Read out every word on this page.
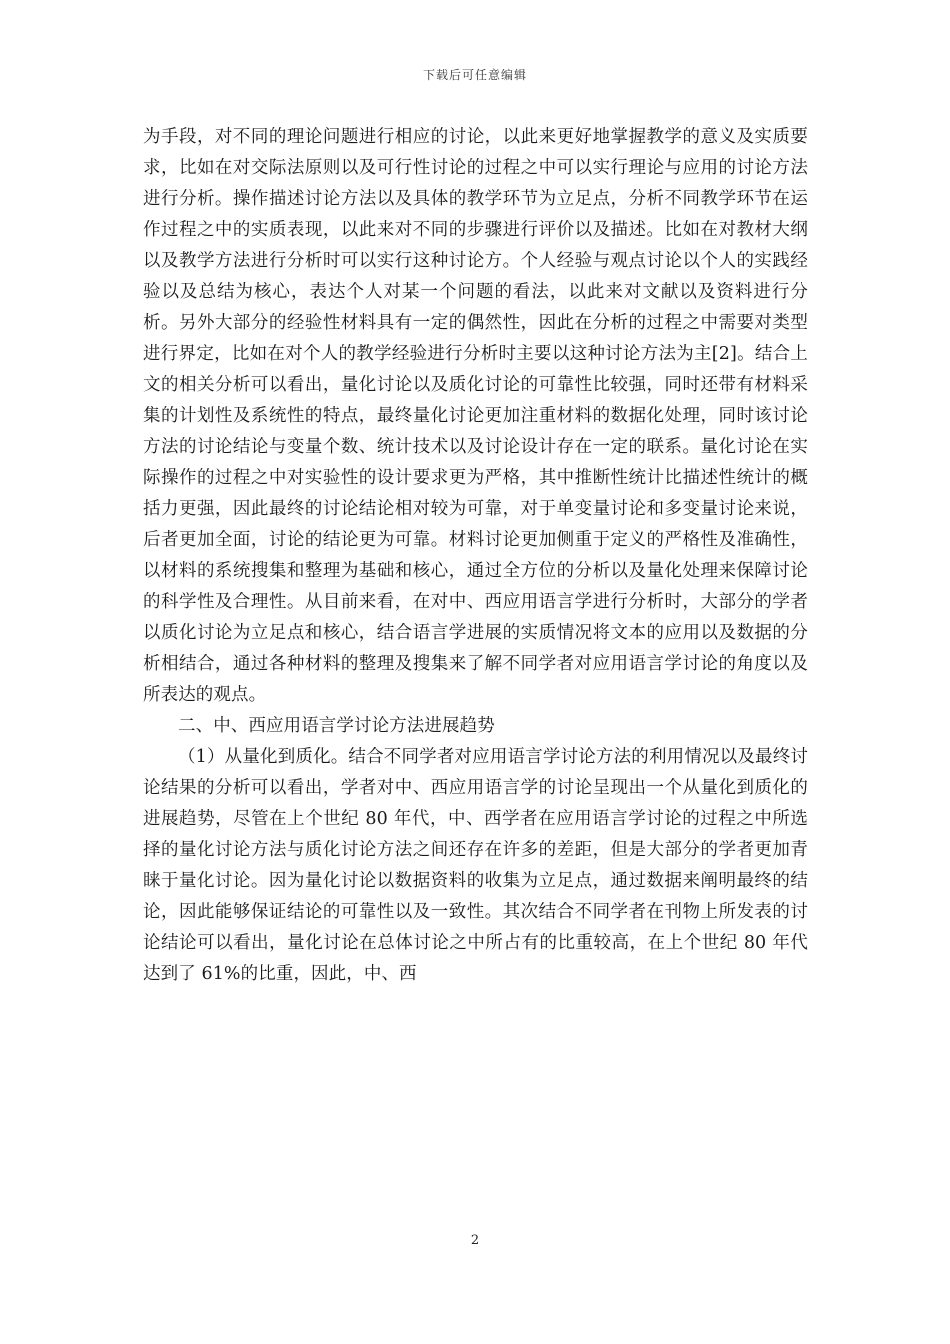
下载后可任意编辑

为手段，对不同的理论问题进行相应的讨论，以此来更好地掌握教学的意义及实质要求，比如在对交际法原则以及可行性讨论的过程之中可以实行理论与应用的讨论方法进行分析。操作描述讨论方法以及具体的教学环节为立足点，分析不同教学环节在运作过程之中的实质表现，以此来对不同的步骤进行评价以及描述。比如在对教材大纲以及教学方法进行分析时可以实行这种讨论方。个人经验与观点讨论以个人的实践经验以及总结为核心，表达个人对某一个问题的看法，以此来对文献以及资料进行分析。另外大部分的经验性材料具有一定的偶然性，因此在分析的过程之中需要对类型进行界定，比如在对个人的教学经验进行分析时主要以这种讨论方法为主[2]。结合上文的相关分析可以看出，量化讨论以及质化讨论的可靠性比较强，同时还带有材料采集的计划性及系统性的特点，最终量化讨论更加注重材料的数据化处理，同时该讨论方法的讨论结论与变量个数、统计技术以及讨论设计存在一定的联系。量化讨论在实际操作的过程之中对实验性的设计要求更为严格，其中推断性统计比描述性统计的概括力更强，因此最终的讨论结论相对较为可靠，对于单变量讨论和多变量讨论来说，后者更加全面，讨论的结论更为可靠。材料讨论更加侧重于定义的严格性及准确性，以材料的系统搜集和整理为基础和核心，通过全方位的分析以及量化处理来保障讨论的科学性及合理性。从目前来看，在对中、西应用语言学进行分析时，大部分的学者以质化讨论为立足点和核心，结合语言学进展的实质情况将文本的应用以及数据的分析相结合，通过各种材料的整理及搜集来了解不同学者对应用语言学讨论的角度以及所表达的观点。

二、中、西应用语言学讨论方法进展趋势

（1）从量化到质化。结合不同学者对应用语言学讨论方法的利用情况以及最终讨论结果的分析可以看出，学者对中、西应用语言学的讨论呈现出一个从量化到质化的进展趋势，尽管在上个世纪 80 年代，中、西学者在应用语言学讨论的过程之中所选择的量化讨论方法与质化讨论方法之间还存在许多的差距，但是大部分的学者更加青睐于量化讨论。因为量化讨论以数据资料的收集为立足点，通过数据来阐明最终的结论，因此能够保证结论的可靠性以及一致性。其次结合不同学者在刊物上所发表的讨论结论可以看出，量化讨论在总体讨论之中所占有的比重较高，在上个世纪 80 年代达到了 61%的比重，因此，中、西

2
